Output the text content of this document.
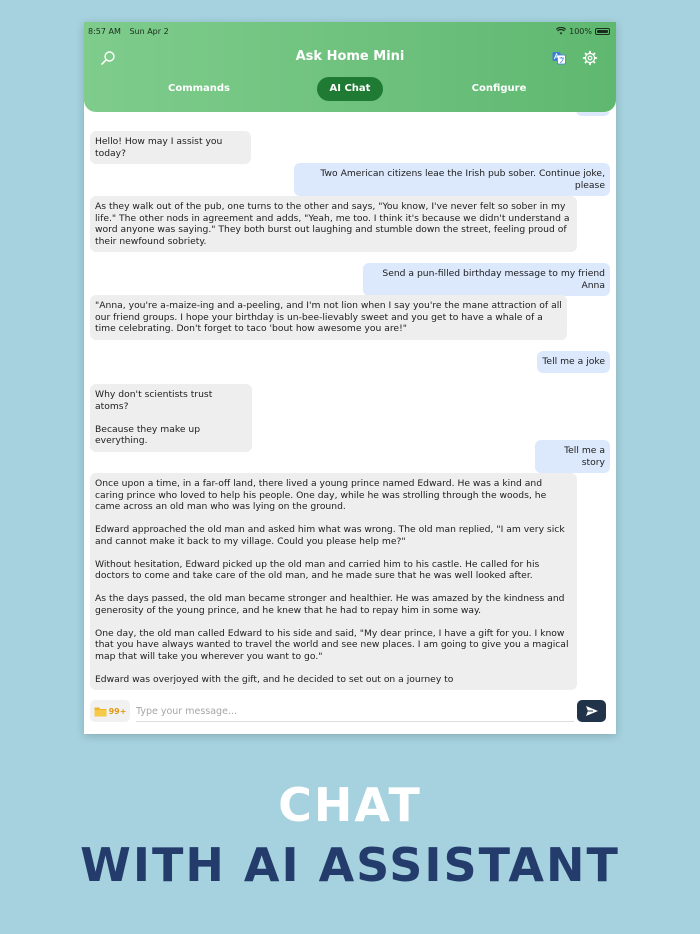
8:57 AM Sun Apr 2	100%
Ask Home Mini
Commands	AI Chat	Configure

Hello! How may I assist you today?

Two American citizens leae the Irish pub sober. Continue joke, please

As they walk out of the pub, one turns to the other and says, "You know, I've never felt so sober in my life." The other nods in agreement and adds, "Yeah, me too. I think it's because we didn't understand a word anyone was saying." They both burst out laughing and stumble down the street, feeling proud of their newfound sobriety.

Send a pun-filled birthday message to my friend Anna

"Anna, you're a-maize-ing and a-peeling, and I'm not lion when I say you're the mane attraction of all our friend groups. I hope your birthday is un-bee-lievably sweet and you get to have a whale of a time celebrating. Don't forget to taco 'bout how awesome you are!"

Tell me a joke

Why don't scientists trust atoms?

Because they make up everything.

Tell me a story

Once upon a time, in a far-off land, there lived a young prince named Edward. He was a kind and caring prince who loved to help his people. One day, while he was strolling through the woods, he came across an old man who was lying on the ground.

Edward approached the old man and asked him what was wrong. The old man replied, "I am very sick and cannot make it back to my village. Could you please help me?"

Without hesitation, Edward picked up the old man and carried him to his castle. He called for his doctors to come and take care of the old man, and he made sure that he was well looked after.

As the days passed, the old man became stronger and healthier. He was amazed by the kindness and generosity of the young prince, and he knew that he had to repay him in some way.

One day, the old man called Edward to his side and said, "My dear prince, I have a gift for you. I know that you have always wanted to travel the world and see new places. I am going to give you a magical map that will take you wherever you want to go."

Edward was overjoyed with the gift, and he decided to set out on a journey to

99+
Type your message...
CHAT
WITH AI ASSISTANT
